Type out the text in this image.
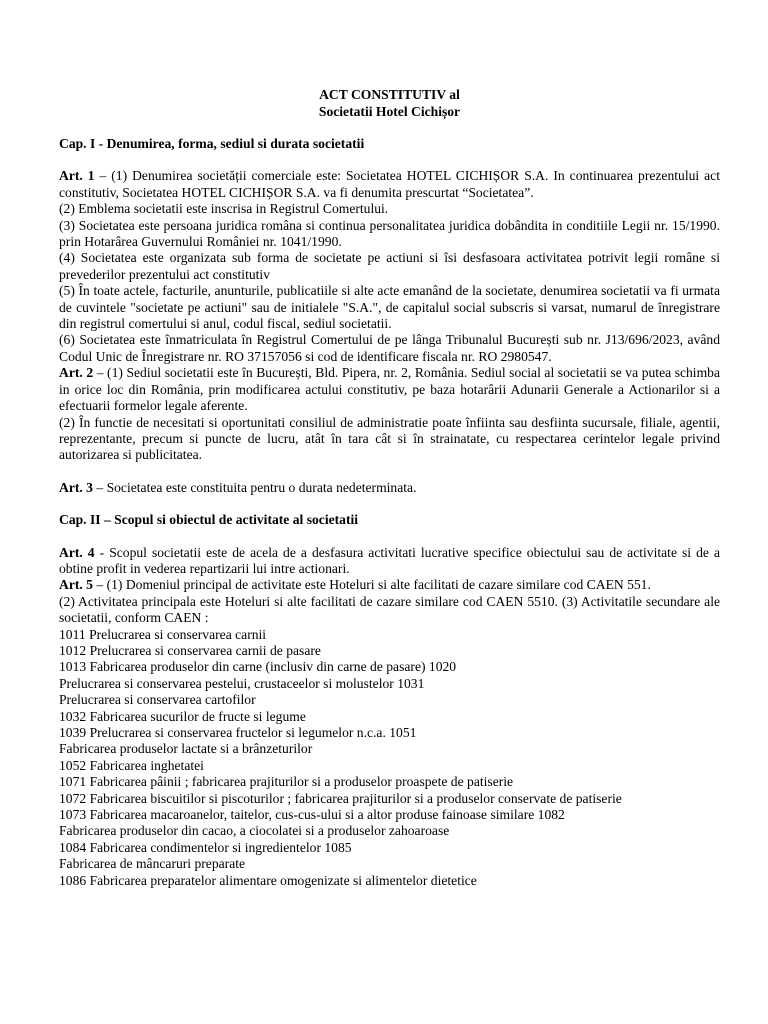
ACT CONSTITUTIV al

Societatii Hotel Cichișor

Cap. I - Denumirea, forma, sediul si durata societatii

Art. 1 – (1) Denumirea societății comerciale este: Societatea HOTEL CICHIȘOR S.A. In continuarea prezentului act constitutiv, Societatea HOTEL CICHIȘOR S.A. va fi denumita prescurtat “Societatea”.

(2) Emblema societatii este inscrisa in Registrul Comertului.

(3) Societatea este persoana juridica româna si continua personalitatea juridica dobândita in conditiile Legii nr. 15/1990. prin Hotarârea Guvernului României nr. 1041/1990.

(4) Societatea este organizata sub forma de societate pe actiuni si îsi desfasoara activitatea potrivit legii române si prevederilor prezentului act constitutiv

(5) În toate actele, facturile, anunturile, publicatiile si alte acte emanând de la societate, denumirea societatii va fi urmata de cuvintele "societate pe actiuni" sau de initialele "S.A.", de capitalul social subscris si varsat, numarul de înregistrare din registrul comertului si anul, codul fiscal, sediul societatii.

(6) Societatea este înmatriculata în Registrul Comertului de pe lânga Tribunalul București sub nr. J13/696/2023, având Codul Unic de Înregistrare nr. RO 37157056 si cod de identificare fiscala nr. RO 2980547.

Art. 2 – (1) Sediul societatii este în București, Bld. Pipera, nr. 2, România. Sediul social al societatii se va putea schimba in orice loc din România, prin modificarea actului constitutiv, pe baza hotarârii Adunarii Generale a Actionarilor si a efectuarii formelor legale aferente.

(2) În functie de necesitati si oportunitati consiliul de administratie poate înfiinta sau desfiinta sucursale, filiale, agentii, reprezentante, precum si puncte de lucru, atât în tara cât si în strainatate, cu respectarea cerintelor legale privind autorizarea si publicitatea.

Art. 3 – Societatea este constituita pentru o durata nedeterminata.

Cap. II – Scopul si obiectul de activitate al societatii

Art. 4 - Scopul societatii este de acela de a desfasura activitati lucrative specifice obiectului sau de activitate si de a obtine profit in vederea repartizarii lui intre actionari.

Art. 5 – (1) Domeniul principal de activitate este Hoteluri si alte facilitati de cazare similare cod CAEN 551.

(2) Activitatea principala este Hoteluri si alte facilitati de cazare similare cod CAEN 5510. (3) Activitatile secundare ale societatii, conform CAEN :

1011 Prelucrarea si conservarea carnii

1012 Prelucrarea si conservarea carnii de pasare

1013 Fabricarea produselor din carne (inclusiv din carne de pasare) 1020

Prelucrarea si conservarea pestelui, crustaceelor si molustelor 1031

Prelucrarea si conservarea cartofilor

1032 Fabricarea sucurilor de fructe si legume

1039 Prelucrarea si conservarea fructelor si legumelor n.c.a. 1051

Fabricarea produselor lactate si a brânzeturilor

1052 Fabricarea inghetatei

1071 Fabricarea pâinii ; fabricarea prajiturilor si a produselor proaspete de patiserie

1072 Fabricarea biscuitilor si piscoturilor ; fabricarea prajiturilor si a produselor conservate de patiserie

1073 Fabricarea macaroanelor, taitelor, cus-cus-ului si a altor produse fainoase similare 1082

Fabricarea produselor din cacao, a ciocolatei si a produselor zahoaroase

1084 Fabricarea condimentelor si ingredientelor 1085

Fabricarea de mâncaruri preparate

1086 Fabricarea preparatelor alimentare omogenizate si alimentelor dietetice
